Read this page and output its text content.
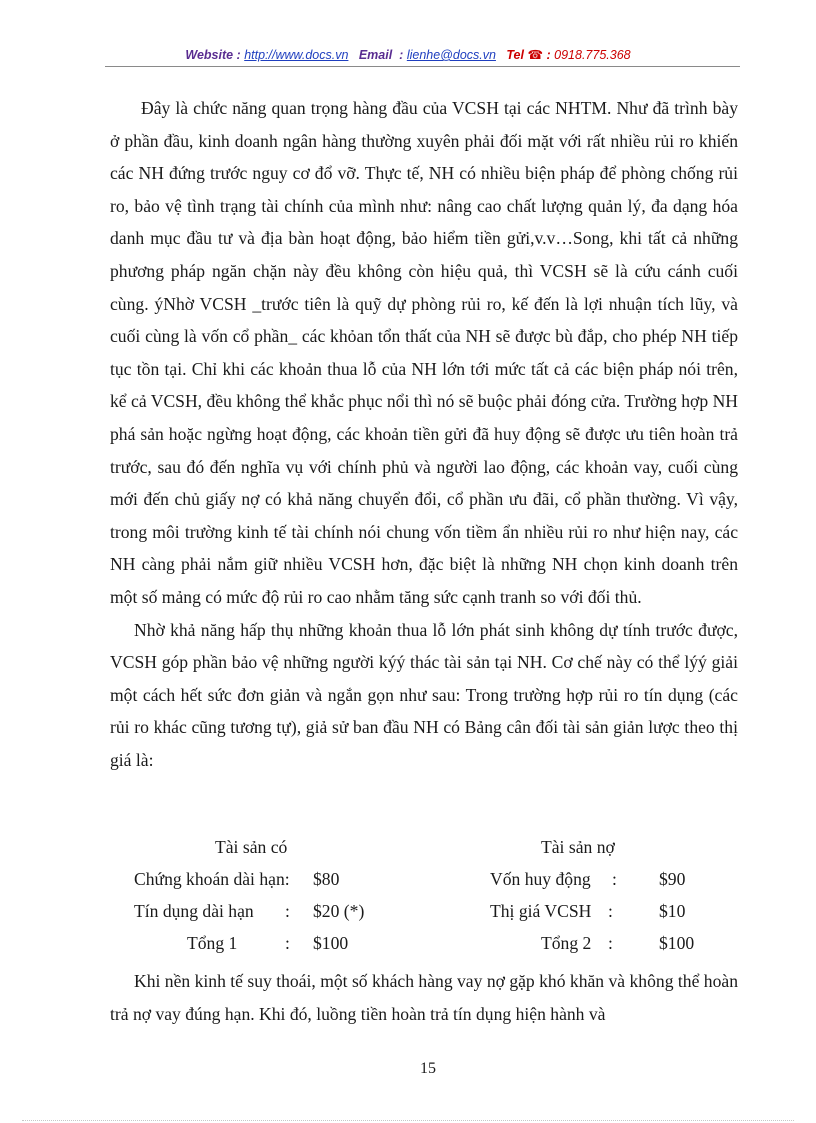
Website : http://www.docs.vn Email : lienhe@docs.vn Tel ☎ : 0918.775.368

Đây là chức năng quan trọng hàng đầu của VCSH tại các NHTM. Như đã trình bày ở phần đầu, kinh doanh ngân hàng thường xuyên phải đối mặt với rất nhiều rủi ro khiến các NH đứng trước nguy cơ đổ vỡ. Thực tế, NH có nhiều biện pháp để phòng chống rủi ro, bảo vệ tình trạng tài chính của mình như: nâng cao chất lượng quản lý, đa dạng hóa danh mục đầu tư và địa bàn hoạt động, bảo hiểm tiền gửi,v.v…Song, khi tất cả những phương pháp ngăn chặn này đều không còn hiệu quả, thì VCSH sẽ là cứu cánh cuối cùng. ýNhờ VCSH _trước tiên là quỹ dự phòng rủi ro, kế đến là lợi nhuận tích lũy, và cuối cùng là vốn cổ phần_ các khỏan tổn thất của NH sẽ được bù đắp, cho phép NH tiếp tục tồn tại. Chỉ khi các khoản thua lỗ của NH lớn tới mức tất cả các biện pháp nói trên, kể cả VCSH, đều không thể khắc phục nổi thì nó sẽ buộc phải đóng cửa. Trường hợp NH phá sản hoặc ngừng hoạt động, các khoản tiền gửi đã huy động sẽ được ưu tiên hoàn trả trước, sau đó đến nghĩa vụ với chính phủ và người lao động, các khoản vay, cuối cùng mới đến chủ giấy nợ có khả năng chuyển đổi, cổ phần ưu đãi, cổ phần thường. Vì vậy, trong môi trường kinh tế tài chính nói chung vốn tiềm ẩn nhiều rủi ro như hiện nay, các NH càng phải nắm giữ nhiều VCSH hơn, đặc biệt là những NH chọn kinh doanh trên một số mảng có mức độ rủi ro cao nhằm tăng sức cạnh tranh so với đối thủ.

Nhờ khả năng hấp thụ những khoản thua lỗ lớn phát sinh không dự tính trước được, VCSH góp phần bảo vệ những người kýý thác tài sản tại NH. Cơ chế này có thể lýý giải một cách hết sức đơn giản và ngắn gọn như sau: Trong trường hợp rủi ro tín dụng (các rủi ro khác cũng tương tự), giả sử ban đầu NH có Bảng cân đối tài sản giản lược theo thị giá là:

Tài sản có	Tài sản nợ
Chứng khoán dài hạn: $80	Vốn huy động : $90
Tín dụng dài hạn : $20 (*)	Thị giá VCSH :	$10
Tổng 1	: $100	Tổng 2 :	$100

Khi nền kinh tế suy thoái, một số khách hàng vay nợ gặp khó khăn và không thể hoàn trả nợ vay đúng hạn. Khi đó, luồng tiền hoàn trả tín dụng hiện hành và

15
